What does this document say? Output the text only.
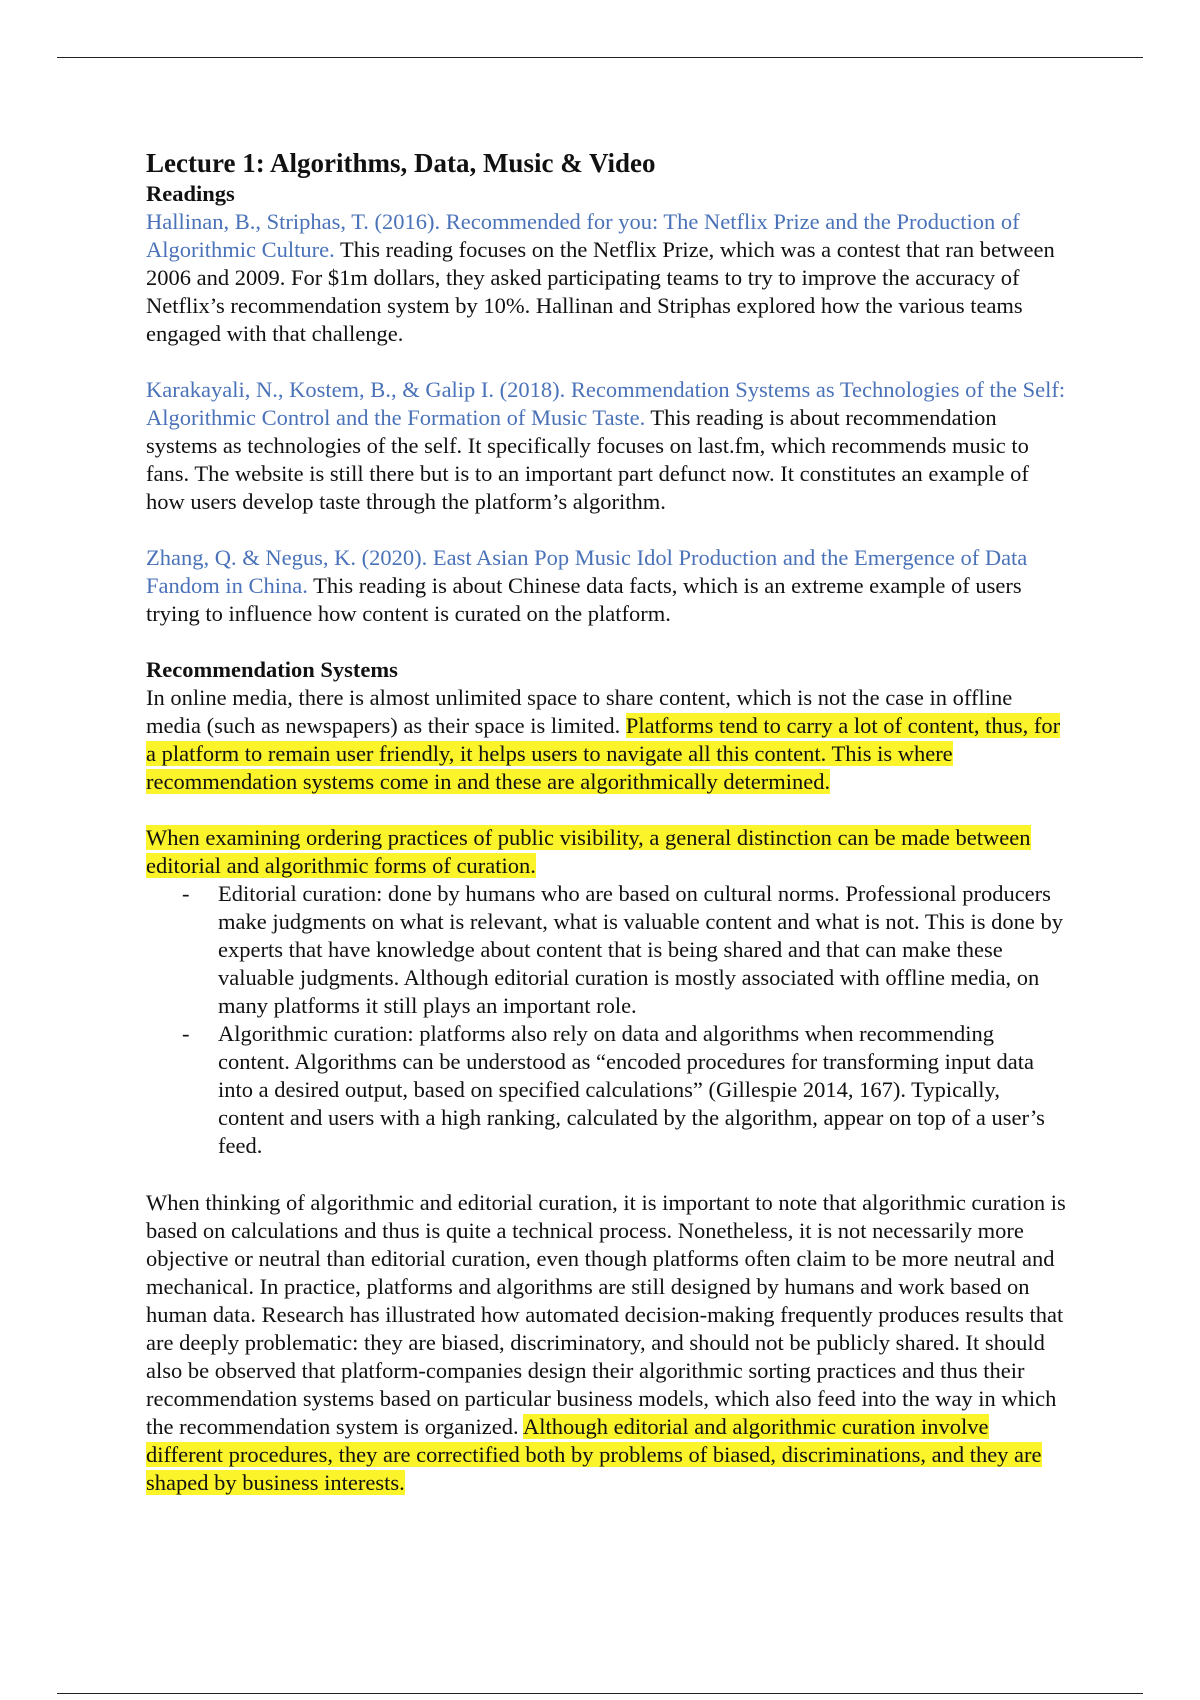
Lecture 1: Algorithms, Data, Music & Video
Readings

Hallinan, B., Striphas, T. (2016). Recommended for you: The Netflix Prize and the Production of Algorithmic Culture. This reading focuses on the Netflix Prize, which was a contest that ran between 2006 and 2009. For $1m dollars, they asked participating teams to try to improve the accuracy of Netflix’s recommendation system by 10%. Hallinan and Striphas explored how the various teams engaged with that challenge.

Karakayali, N., Kostem, B., & Galip I. (2018). Recommendation Systems as Technologies of the Self: Algorithmic Control and the Formation of Music Taste. This reading is about recommendation systems as technologies of the self. It specifically focuses on last.fm, which recommends music to fans. The website is still there but is to an important part defunct now. It constitutes an example of how users develop taste through the platform’s algorithm.

Zhang, Q. & Negus, K. (2020). East Asian Pop Music Idol Production and the Emergence of Data Fandom in China. This reading is about Chinese data facts, which is an extreme example of users trying to influence how content is curated on the platform.

Recommendation Systems

In online media, there is almost unlimited space to share content, which is not the case in offline media (such as newspapers) as their space is limited. Platforms tend to carry a lot of content, thus, for a platform to remain user friendly, it helps users to navigate all this content. This is where recommendation systems come in and these are algorithmically determined.

When examining ordering practices of public visibility, a general distinction can be made between editorial and algorithmic forms of curation.

- Editorial curation: done by humans who are based on cultural norms. Professional producers make judgments on what is relevant, what is valuable content and what is not. This is done by experts that have knowledge about content that is being shared and that can make these valuable judgments. Although editorial curation is mostly associated with offline media, on many platforms it still plays an important role.
- Algorithmic curation: platforms also rely on data and algorithms when recommending content. Algorithms can be understood as “encoded procedures for transforming input data into a desired output, based on specified calculations” (Gillespie 2014, 167). Typically, content and users with a high ranking, calculated by the algorithm, appear on top of a user’s feed.

When thinking of algorithmic and editorial curation, it is important to note that algorithmic curation is based on calculations and thus is quite a technical process. Nonetheless, it is not necessarily more objective or neutral than editorial curation, even though platforms often claim to be more neutral and mechanical. In practice, platforms and algorithms are still designed by humans and work based on human data. Research has illustrated how automated decision-making frequently produces results that are deeply problematic: they are biased, discriminatory, and should not be publicly shared. It should also be observed that platform-companies design their algorithmic sorting practices and thus their recommendation systems based on particular business models, which also feed into the way in which the recommendation system is organized. Although editorial and algorithmic curation involve different procedures, they are correctified both by problems of biased, discriminations, and they are shaped by business interests.
